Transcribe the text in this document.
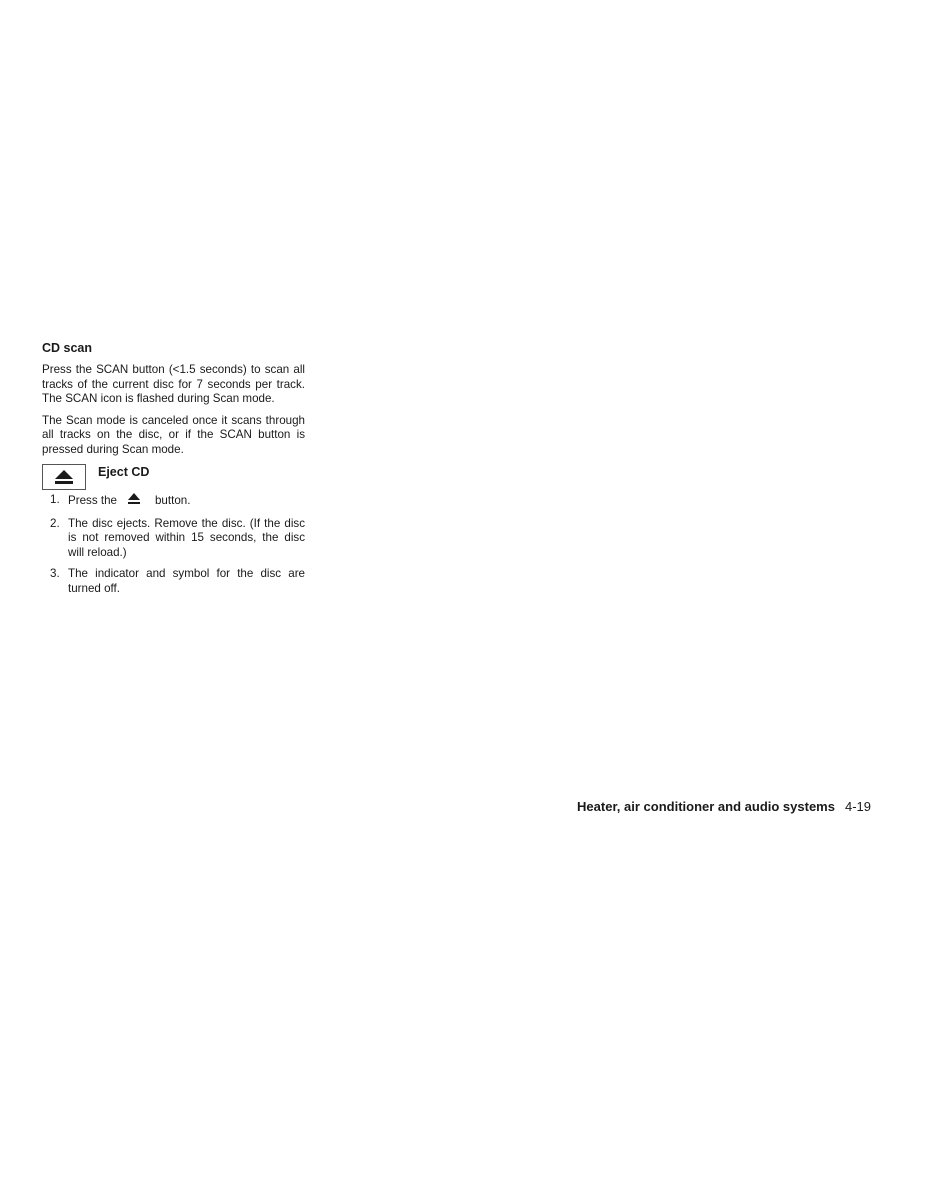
CD scan

Press the SCAN button (<1.5 seconds) to scan all tracks of the current disc for 7 seconds per track. The SCAN icon is flashed during Scan mode.

The Scan mode is canceled once it scans through all tracks on the disc, or if the SCAN button is pressed during Scan mode.

Eject CD
1. Press the	button.
2. The disc ejects. Remove the disc. (If the disc is not removed within 15 seconds, the disc will reload.)
3. The indicator and symbol for the disc are turned off.
Heater, air conditioner and audio systems 4-19
